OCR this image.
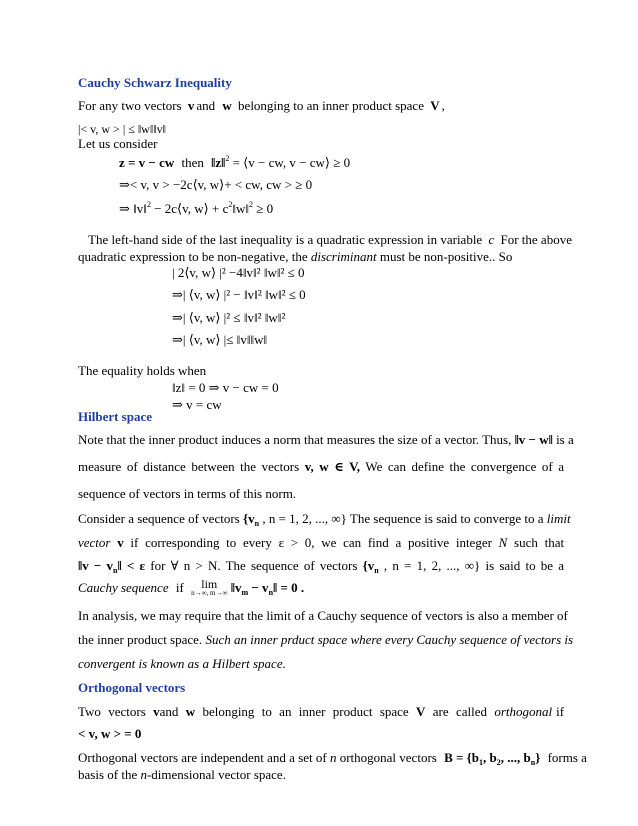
Cauchy Schwarz Inequality
For any two vectors v and w belonging to an inner product space V ,
|< v, w > | ≤ ‖w‖‖v‖
Let us consider
z = v − cw then ‖z‖$^2$ = ⟨v − cw, v − cw⟩ ≥ 0
⇒< v, v > −2c⟨v, w⟩+ < cw, cw > ≥ 0
⇒ ‖v‖$^2$ − 2c⟨v, w⟩ + $c^2‖w‖^2 \ge 0$
The left-hand side of the last inequality is a quadratic expression in variable c For the above
quadratic expression to be non-negative, the discriminant must be non-positive.. So
| 2⟨v, w⟩ |² −4‖v‖² ‖w‖² ≤ 0
⇒| ⟨v, w⟩ |² − ‖v‖² ‖w‖² ≤ 0
⇒| ⟨v, w⟩ |² ≤ ‖v‖² ‖w‖²
⇒| ⟨v, w⟩ |≤ ‖v‖‖w‖
The equality holds when
‖z‖ = 0 ⇒ v − cw = 0
⇒ v = cw
Hilbert space
Note that the inner product induces a norm that measures the size of a vector. Thus, ‖v − w‖ is a
measure of distance between the vectors v, w ∈ V, We can define the convergence of a
sequence of vectors in terms of this norm.
Consider a sequence of vectors {$v_n$ , n = 1, 2, ..., ∞} The sequence is said to converge to a limit
vector v if corresponding to every ε > 0, we can find a positive integer N such that
‖v − $v_n‖ < \varepsilon$ for ∀ n > N. The sequence of vectors {$v_n$ , n = 1, 2, ..., ∞} is said to be a
Cauchy sequence if	lim
n→∞, m→∞ $‖v_m$ − $v_n‖ = 0$ .
In analysis, we may require that the limit of a Cauchy sequence of vectors is also a member of
the inner product space. Such an inner prduct space where every Cauchy sequence of vectors is
convergent is known as a Hilbert space.
Orthogonal vectors
Two vectors vand w belonging to an inner product space V are called orthogonal if
< v, w > = 0
Orthogonal vectors are independent and a set of n orthogonal vectors $B = \{b_1$, $b_2$, ..., $b_n$} forms a
basis of the n-dimensional vector space.
